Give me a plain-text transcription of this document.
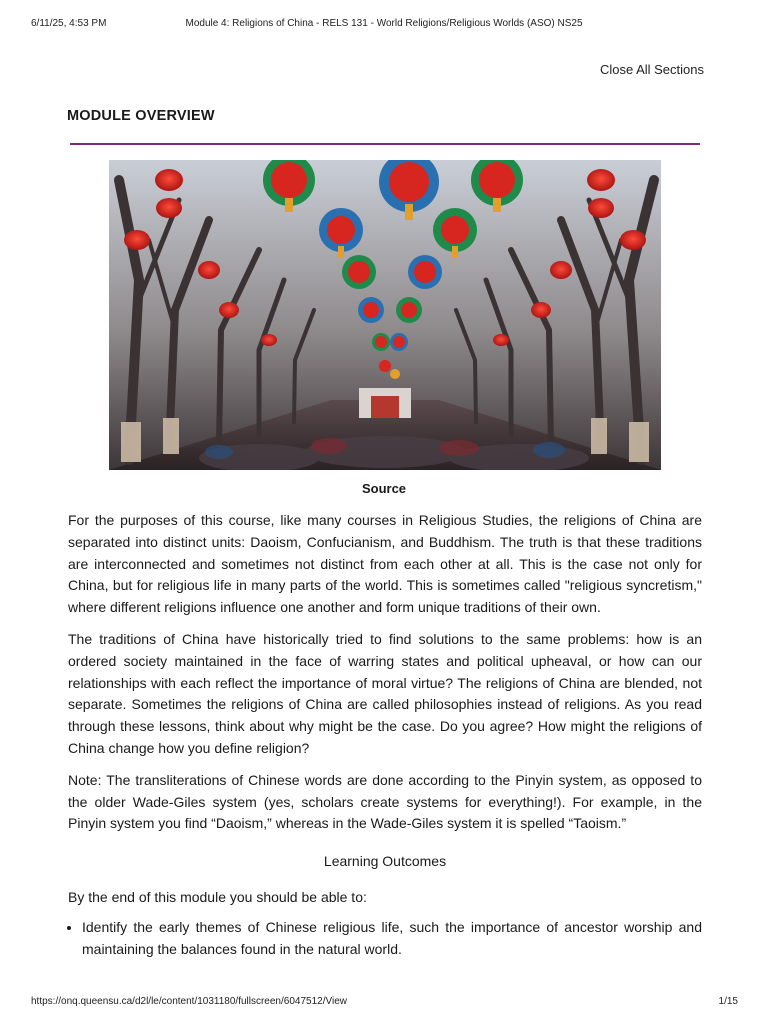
6/11/25, 4:53 PM	Module 4: Religions of China - RELS 131 - World Religions/Religious Worlds (ASO) NS25
Close All Sections
MODULE OVERVIEW
Source

For the purposes of this course, like many courses in Religious Studies, the religions of China are separated into distinct units: Daoism, Confucianism, and Buddhism. The truth is that these traditions are interconnected and sometimes not distinct from each other at all. This is the case not only for China, but for religious life in many parts of the world. This is sometimes called "religious syncretism," where different religions influence one another and form unique traditions of their own.

The traditions of China have historically tried to find solutions to the same problems: how is an ordered society maintained in the face of warring states and political upheaval, or how can our relationships with each reflect the importance of moral virtue? The religions of China are blended, not separate. Sometimes the religions of China are called philosophies instead of religions. As you read through these lessons, think about why might be the case. Do you agree? How might the religions of China change how you define religion?

Note: The transliterations of Chinese words are done according to the Pinyin system, as opposed to the older Wade-Giles system (yes, scholars create systems for everything!). For example, in the Pinyin system you find “Daoism,” whereas in the Wade-Giles system it is spelled “Taoism.”

Learning Outcomes
By the end of this module you should be able to:
• Identify the early themes of Chinese religious life, such the importance of ancestor worship and maintaining the balances found in the natural world.
https://onq.queensu.ca/d2l/le/content/1031180/fullscreen/6047512/View	1/15
